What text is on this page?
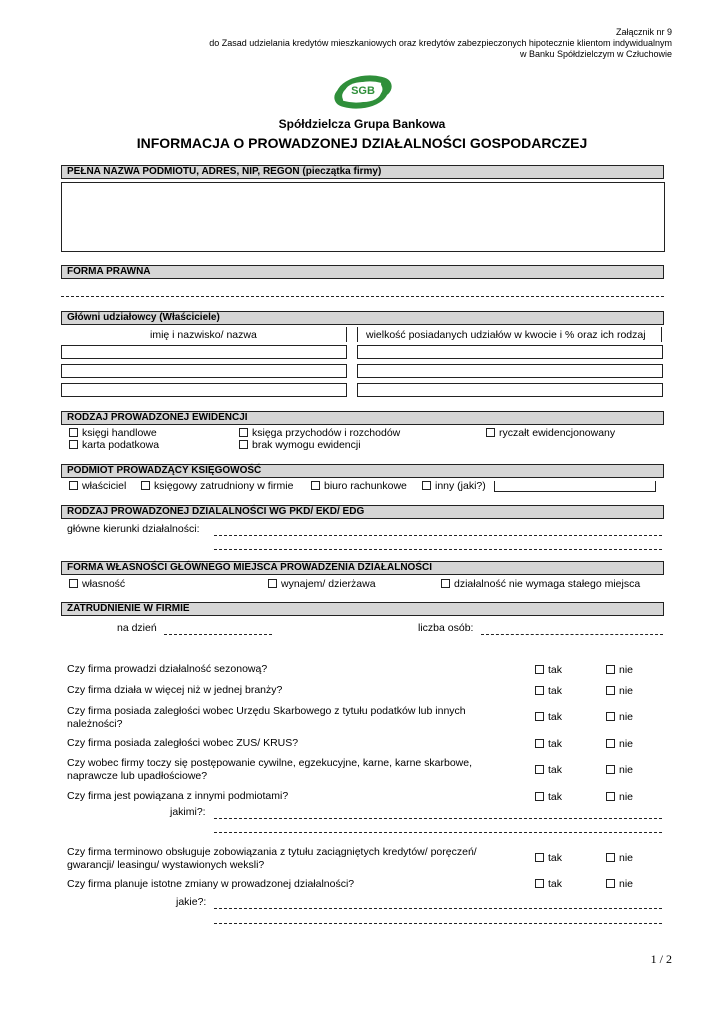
Załącznik nr 9
do Zasad udzielania kredytów mieszkaniowych oraz kredytów zabezpieczonych hipotecznie klientom indywidualnym
w Banku Spółdzielczym w Człuchowie
SGB
Spółdzielcza Grupa Bankowa
INFORMACJA O PROWADZONEJ DZIAŁALNOŚCI GOSPODARCZEJ
PEŁNA NAZWA PODMIOTU, ADRES, NIP, REGON (pieczątka firmy)
FORMA PRAWNA
Główni udziałowcy (Właściciele)
imię i nazwisko/ nazwa	wielkość posiadanych udziałów w kwocie i % oraz ich rodzaj
RODZAJ PROWADZONEJ EWIDENCJI
księgi handlowe
karta podatkowa
księga przychodów i rozchodów
brak wymogu ewidencji
ryczałt ewidencjonowany
PODMIOT PROWADZĄCY KSIĘGOWOŚĆ
właściciel	księgowy zatrudniony w firmie	biuro rachunkowe	inny (jaki?)
RODZAJ PROWADZONEJ DZIALALNOŚCI WG PKD/ EKD/ EDG
główne kierunki działalności:
FORMA WŁASNOŚCI GŁÓWNEGO MIEJSCA PROWADZENIA DZIAŁALNOŚCI
własność	wynajem/ dzierżawa	działalność nie wymaga stałego miejsca
ZATRUDNIENIE W FIRMIE
na dzień	liczba osób:
Czy firma prowadzi działalność sezonową?	tak	nie
Czy firma działa w więcej niż w jednej branży?	tak	nie
Czy firma posiada zaległości wobec Urzędu Skarbowego z tytułu podatków lub innych należności?
tak	nie
Czy firma posiada zaległości wobec ZUS/ KRUS?	tak	nie
Czy wobec firmy toczy się postępowanie cywilne, egzekucyjne, karne, karne skarbowe, naprawcze lub upadłościowe?	tak	nie
Czy firma jest powiązana z innymi podmiotami?	tak	nie
jakimi?:
Czy firma terminowo obsługuje zobowiązania z tytułu zaciągniętych kredytów/ poręczeń/ gwarancji/ leasingu/ wystawionych weksli?
tak	nie
Czy firma planuje istotne zmiany w prowadzonej działalności?	tak	nie
jakie?:
1 / 2
